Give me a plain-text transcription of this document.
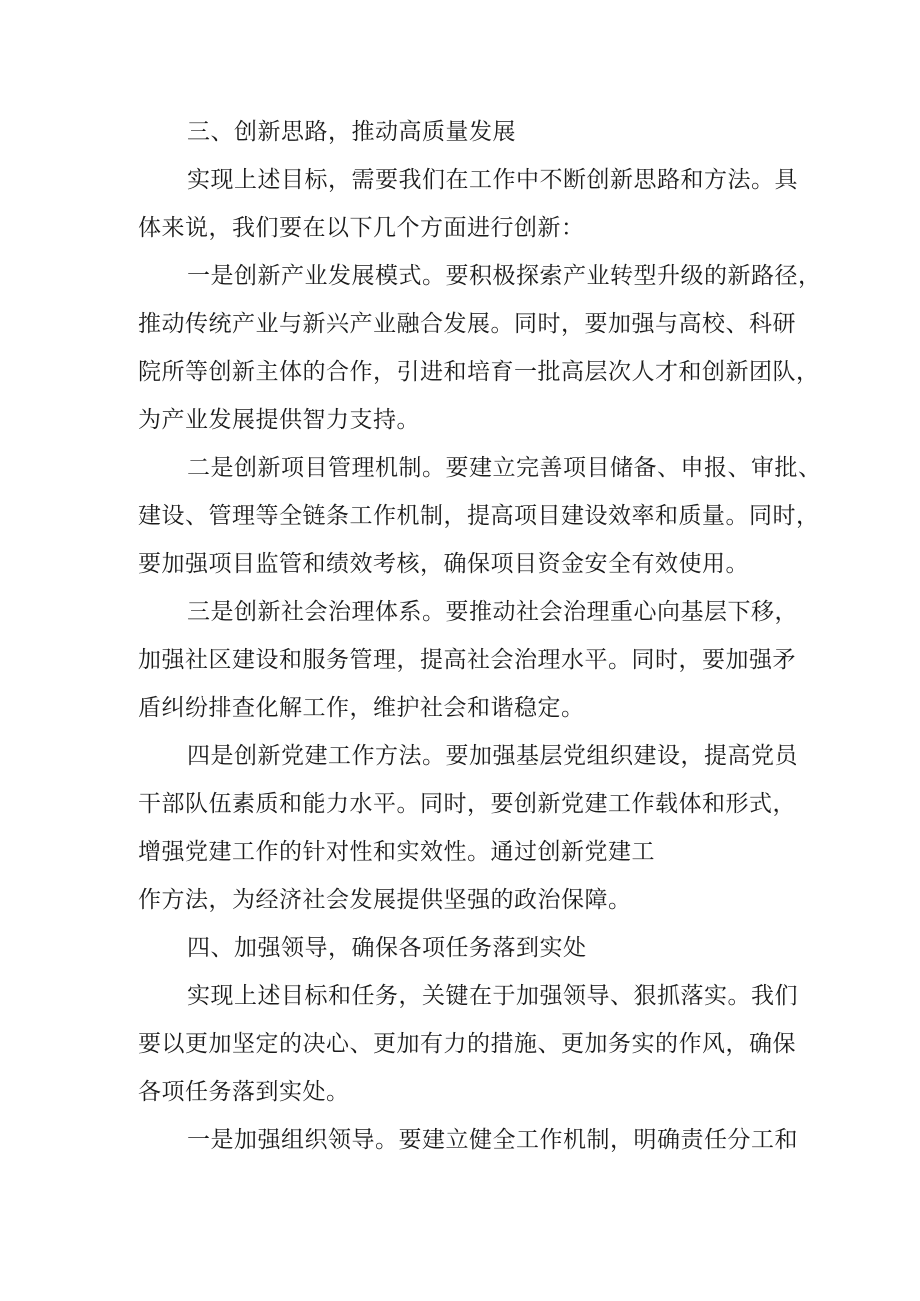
三、创新思路，推动高质量发展

实现上述目标，需要我们在工作中不断创新思路和方法。具

体来说，我们要在以下几个方面进行创新：

一是创新产业发展模式。要积极探索产业转型升级的新路径，

推动传统产业与新兴产业融合发展。同时，要加强与高校、科研

院所等创新主体的合作，引进和培育一批高层次人才和创新团队，

为产业发展提供智力支持。

二是创新项目管理机制。要建立完善项目储备、申报、审批、

建设、管理等全链条工作机制，提高项目建设效率和质量。同时，

要加强项目监管和绩效考核，确保项目资金安全有效使用。

三是创新社会治理体系。要推动社会治理重心向基层下移，

加强社区建设和服务管理，提高社会治理水平。同时，要加强矛

盾纠纷排查化解工作，维护社会和谐稳定。

四是创新党建工作方法。要加强基层党组织建设，提高党员

干部队伍素质和能力水平。同时，要创新党建工作载体和形式，

增强党建工作的针对性和实效性。通过创新党建工

作方法，为经济社会发展提供坚强的政治保障。

四、加强领导，确保各项任务落到实处

实现上述目标和任务，关键在于加强领导、狠抓落实。我们

要以更加坚定的决心、更加有力的措施、更加务实的作风，确保

各项任务落到实处。

一是加强组织领导。要建立健全工作机制，明确责任分工和
